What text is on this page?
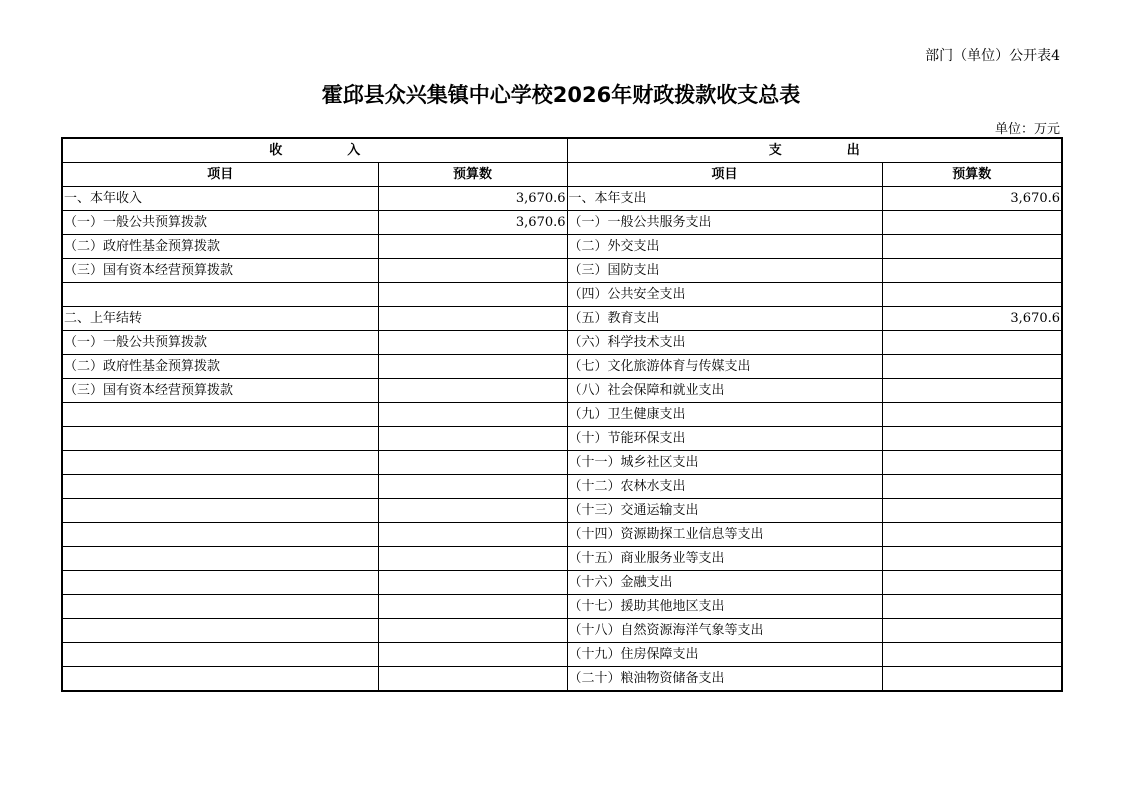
部门（单位）公开表4
霍邱县众兴集镇中心学校2026年财政拨款收支总表
单位：万元
收　　　　　入		支　　　　　出	
项目	预算数	项目	预算数
一、本年收入	3,670.6	一、本年支出	3,670.6
（一）一般公共预算拨款	3,670.6	（一）一般公共服务支出	
（二）政府性基金预算拨款		（二）外交支出	
（三）国有资本经营预算拨款		（三）国防支出	
		（四）公共安全支出	
二、上年结转		（五）教育支出	3,670.6
（一）一般公共预算拨款		（六）科学技术支出	
（二）政府性基金预算拨款		（七）文化旅游体育与传媒支出	
（三）国有资本经营预算拨款		（八）社会保障和就业支出	
		（九）卫生健康支出	
		（十）节能环保支出	
		（十一）城乡社区支出	
		（十二）农林水支出	
		（十三）交通运输支出	
		（十四）资源勘探工业信息等支出	
		（十五）商业服务业等支出	
		（十六）金融支出	
		（十七）援助其他地区支出	
		（十八）自然资源海洋气象等支出	
		（十九）住房保障支出	
		（二十）粮油物资储备支出	
